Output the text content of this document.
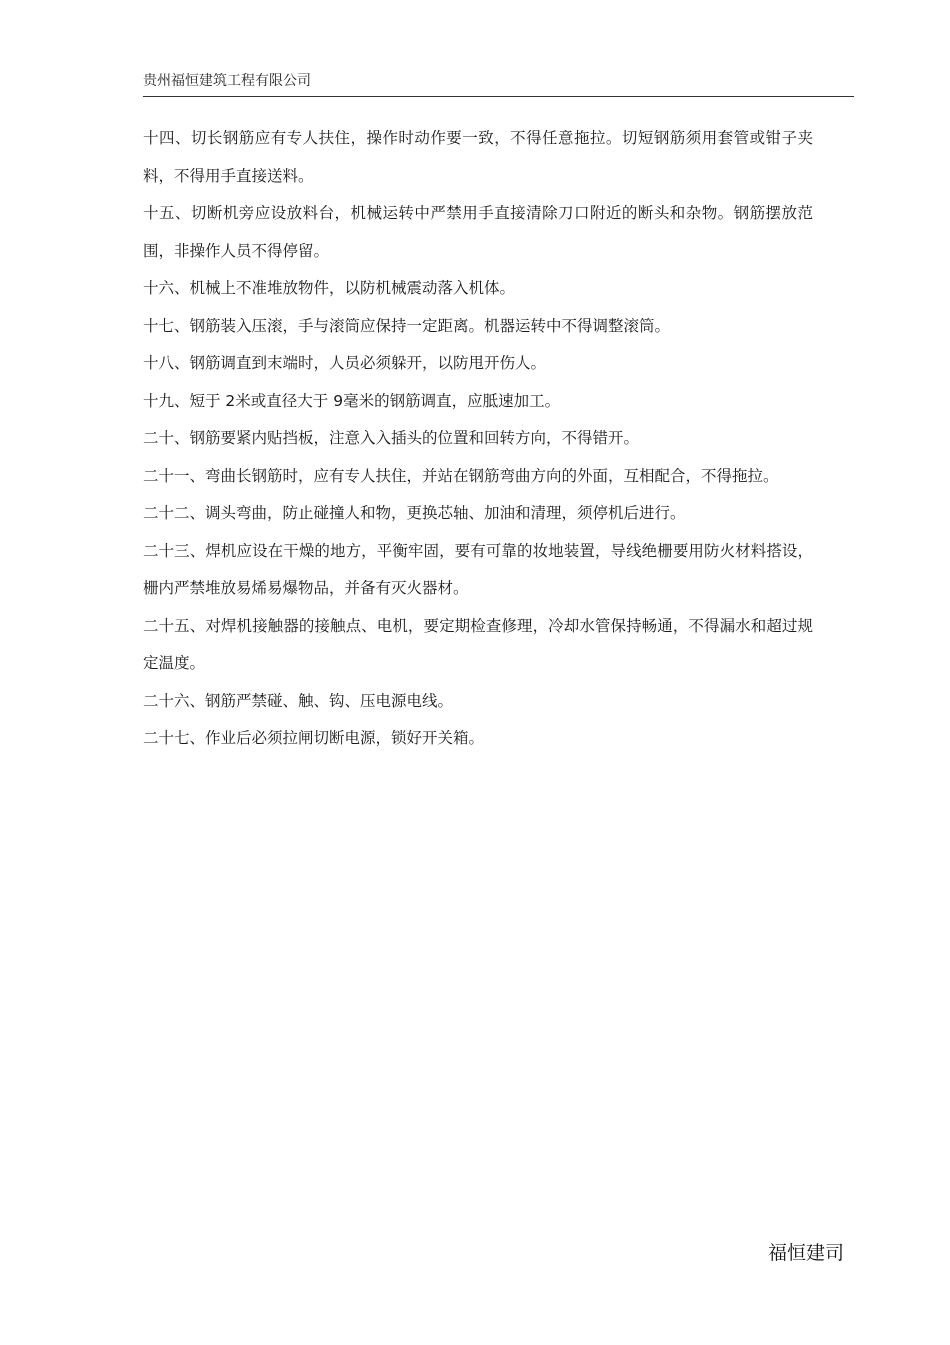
贵州福恒建筑工程有限公司

十四、切长钢筋应有专人扶住，操作时动作要一致，不得任意拖拉。切短钢筋须用套管或钳子夹料，不得用手直接送料。

十五、切断机旁应设放料台，机械运转中严禁用手直接清除刀口附近的断头和杂物。钢筋摆放范围，非操作人员不得停留。

十六、机械上不准堆放物件，以防机械震动落入机体。

十七、钢筋装入压滚，手与滚筒应保持一定距离。机器运转中不得调整滚筒。

十八、钢筋调直到末端时，人员必须躲开，以防甩开伤人。

十九、短于 2米或直径大于 9毫米的钢筋调直，应胝速加工。

二十、钢筋要紧内贴挡板，注意入入插头的位置和回转方向，不得错开。

二十一、弯曲长钢筋时，应有专人扶住，并站在钢筋弯曲方向的外面，互相配合，不得拖拉。

二十二、调头弯曲，防止碰撞人和物，更换芯轴、加油和清理，须停机后进行。

二十三、焊机应设在干燥的地方，平衡牢固，要有可靠的妆地装置，导线绝栅要用防火材料搭设，栅内严禁堆放易烯易爆物品，并备有灭火器材。

二十五、对焊机接触器的接触点、电机，要定期检查修理，冷却水管保持畅通，不得漏水和超过规定温度。

二十六、钢筋严禁碰、触、钩、压电源电线。

二十七、作业后必须拉闸切断电源，锁好开关箱。

福恒建司
